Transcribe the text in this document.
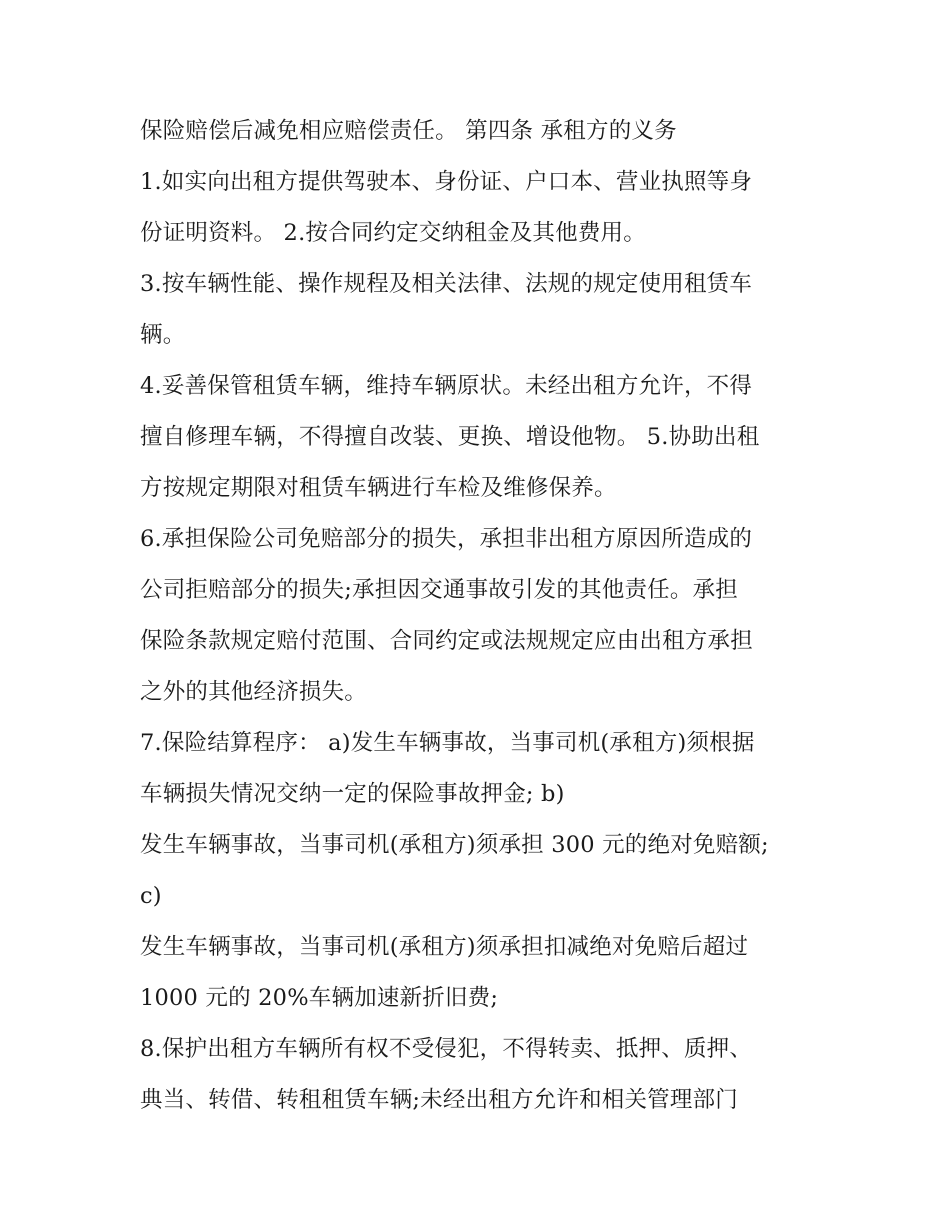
保险赔偿后减免相应赔偿责任。 第四条 承租方的义务
1.如实向出租方提供驾驶本、身份证、户口本、营业执照等身
份证明资料。 2.按合同约定交纳租金及其他费用。
3.按车辆性能、操作规程及相关法律、法规的规定使用租赁车
辆。
4.妥善保管租赁车辆，维持车辆原状。未经出租方允许，不得
擅自修理车辆，不得擅自改装、更换、增设他物。 5.协助出租
方按规定期限对租赁车辆进行车检及维修保养。
6.承担保险公司免赔部分的损失，承担非出租方原因所造成的
公司拒赔部分的损失;承担因交通事故引发的其他责任。承担
保险条款规定赔付范围、合同约定或法规规定应由出租方承担
之外的其他经济损失。
7.保险结算程序： a)发生车辆事故，当事司机(承租方)须根据
车辆损失情况交纳一定的保险事故押金; b)
发生车辆事故，当事司机(承租方)须承担 300 元的绝对免赔额;
c)
发生车辆事故，当事司机(承租方)须承担扣减绝对免赔后超过
1000 元的 20%车辆加速新折旧费;
8.保护出租方车辆所有权不受侵犯，不得转卖、抵押、质押、
典当、转借、转租租赁车辆;未经出租方允许和相关管理部门
